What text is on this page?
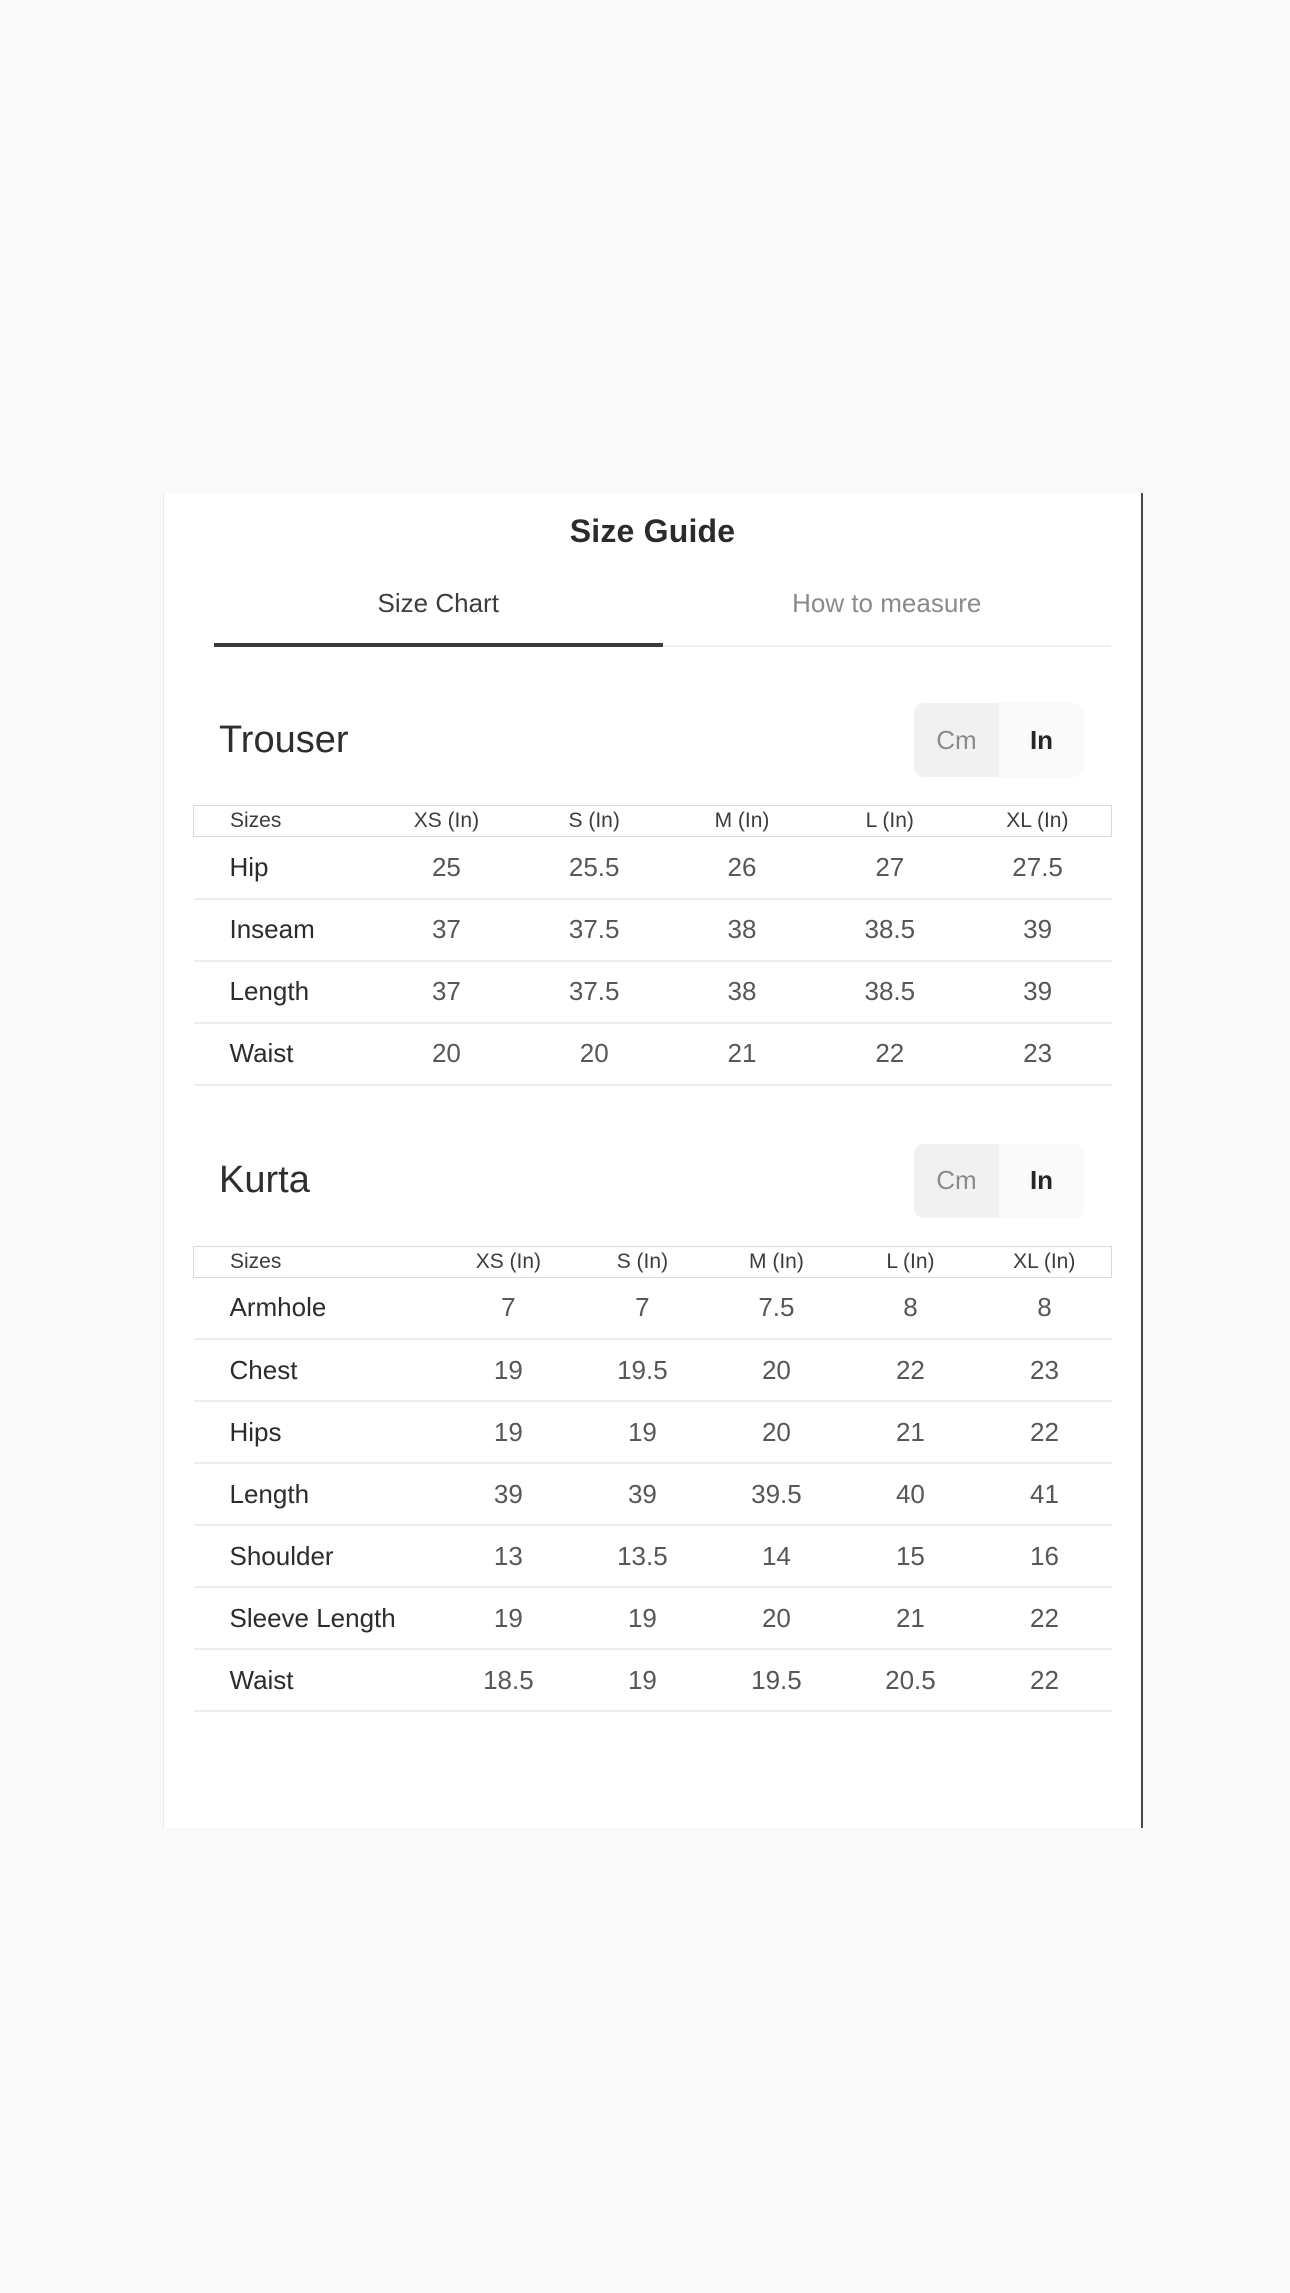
Size Guide
Size Chart	How to measure
Trouser	Cm	In
Sizes	XS (In)	S (In)	M (In)	L (In)	XL (In)
Hip	25	25.5	26	27	27.5
Inseam	37	37.5	38	38.5	39
Length	37	37.5	38	38.5	39
Waist	20	20	21	22	23
Kurta	Cm	In
Sizes	XS (In)	S (In)	M (In)	L (In)	XL (In)
Armhole	7	7	7.5	8	8
Chest	19	19.5	20	22	23
Hips	19	19	20	21	22
Length	39	39	39.5	40	41
Shoulder	13	13.5	14	15	16
Sleeve Length	19	19	20	21	22
Waist	18.5	19	19.5	20.5	22
